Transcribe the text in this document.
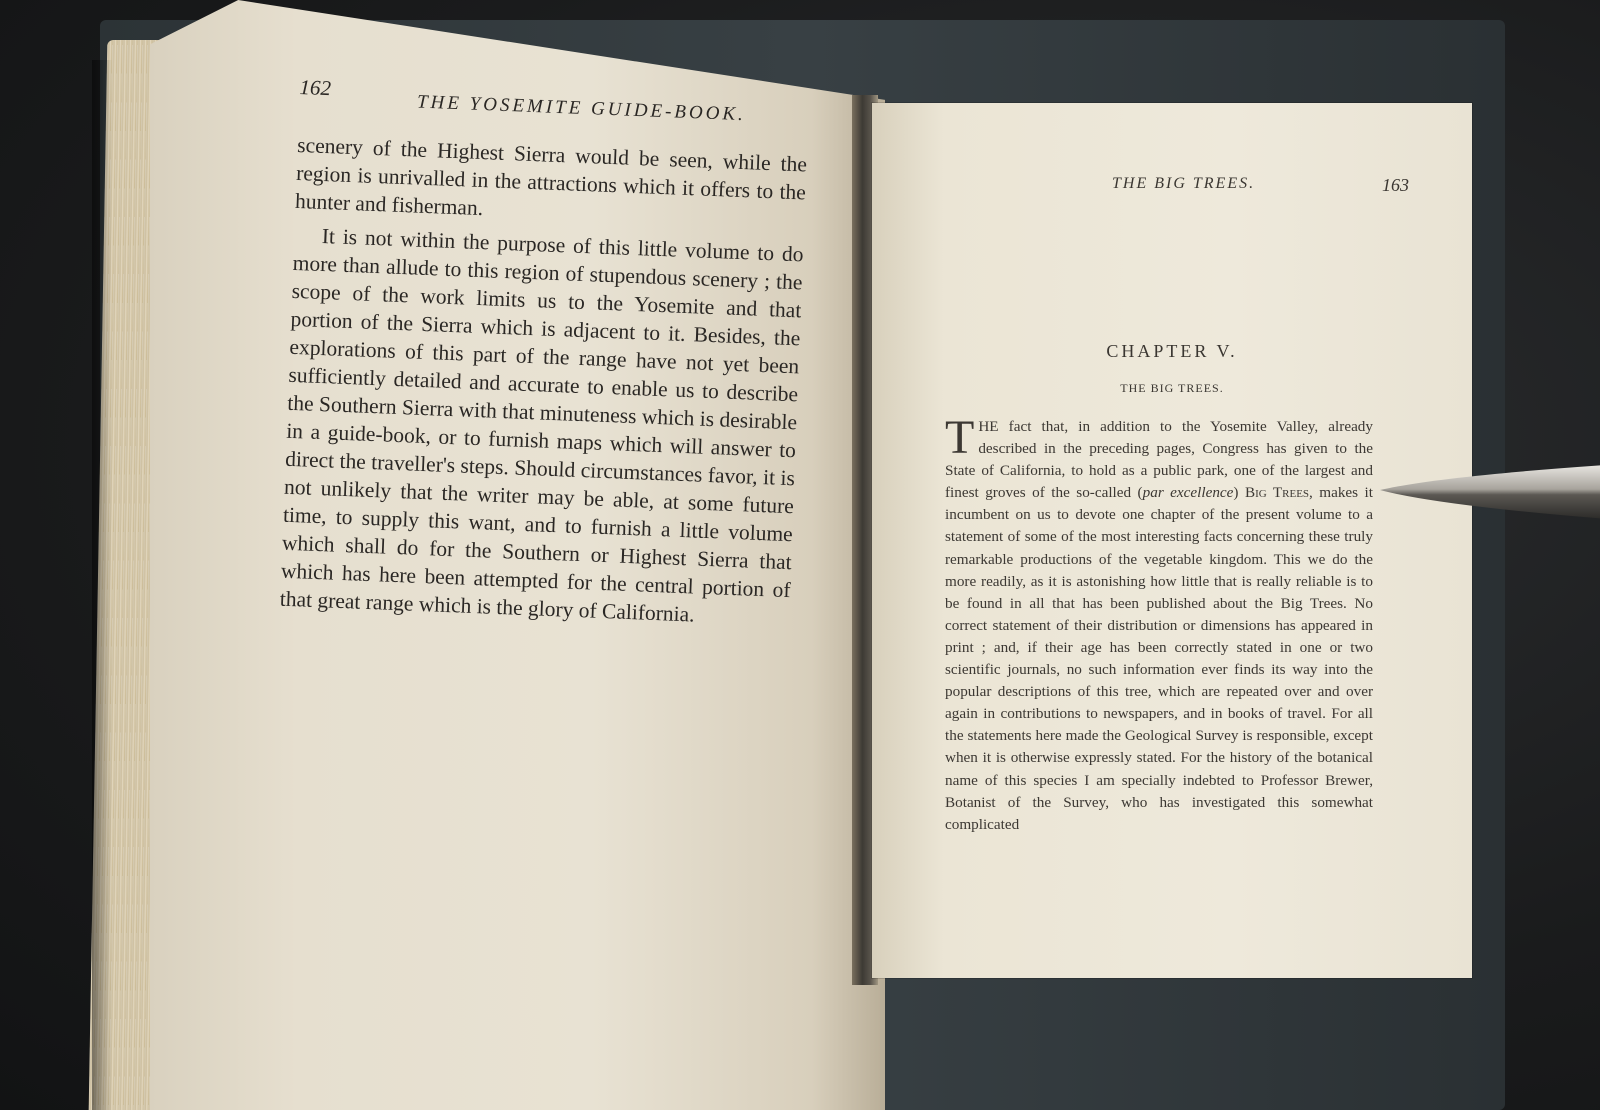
162
THE YOSEMITE GUIDE-BOOK.

scenery of the Highest Sierra would be seen, while the region is unrivalled in the attractions which it offers to the hunter and fisherman.

It is not within the purpose of this little volume to do more than allude to this region of stupendous scenery ; the scope of the work limits us to the Yosemite and that portion of the Sierra which is adjacent to it. Besides, the explorations of this part of the range have not yet been sufficiently detailed and accurate to enable us to describe the Southern Sierra with that minuteness which is desirable in a guide-book, or to furnish maps which will answer to direct the traveller's steps. Should circumstances favor, it is not unlikely that the writer may be able, at some future time, to supply this want, and to furnish a little volume which shall do for the Southern or Highest Sierra that which has here been attempted for the central portion of that great range which is the glory of California.

THE BIG TREES.	163
CHAPTER V.
THE BIG TREES.

THE fact that, in addition to the Yosemite Valley, already described in the preceding pages, Congress has given to the State of California, to hold as a public park, one of the largest and finest groves of the so-called (par excellence) Big Trees, makes it incumbent on us to devote one chapter of the present volume to a statement of some of the most interesting facts concerning these truly remarkable productions of the vegetable kingdom. This we do the more readily, as it is astonishing how little that is really reliable is to be found in all that has been published about the Big Trees. No correct statement of their distribution or dimensions has appeared in print ; and, if their age has been correctly stated in one or two scientific journals, no such information ever finds its way into the popular descriptions of this tree, which are repeated over and over again in contributions to newspapers, and in books of travel. For all the statements here made the Geological Survey is responsible, except when it is otherwise expressly stated. For the history of the botanical name of this species I am specially indebted to Professor Brewer, Botanist of the Survey, who has investigated this somewhat complicated
